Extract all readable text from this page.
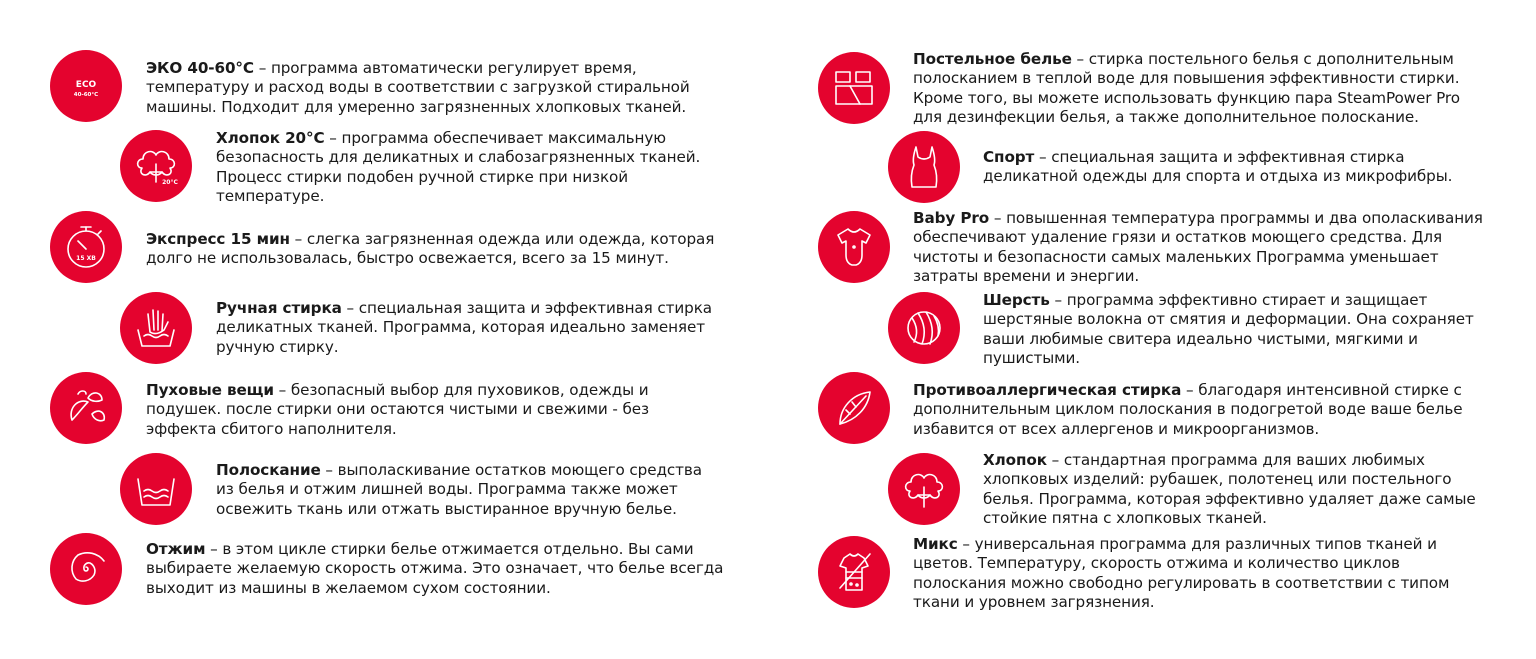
ECO
40-60°C
ЭКО 40-60°C – программа автоматически регулирует время, температуру и расход воды в соответствии с загрузкой стиральной машины. Подходит для умеренно загрязненных хлопковых тканей.
20°C
Хлопок 20°C – программа обеспечивает максимальную безопасность для деликатных и слабозагрязненных тканей. Процесс стирки подобен ручной стирке при низкой температуре.
15 ХВ
Экспресс 15 мин – слегка загрязненная одежда или одежда, которая долго не использовалась, быстро освежается, всего за 15 минут.
Ручная стирка – специальная защита и эффективная стирка деликатных тканей. Программа, которая идеально заменяет ручную стирку.
Пуховые вещи – безопасный выбор для пуховиков, одежды и подушек. после стирки они остаются чистыми и свежими - без эффекта сбитого наполнителя.
Полоскание – выполаскивание остатков моющего средства из белья и отжим лишней воды. Программа также может освежить ткань или отжать выстиранное вручную белье.
Отжим – в этом цикле стирки белье отжимается отдельно. Вы сами выбираете желаемую скорость отжима. Это означает, что белье всегда выходит из машины в желаемом сухом состоянии.
Постельное белье – стирка постельного белья с дополнительным полосканием в теплой воде для повышения эффективности стирки. Кроме того, вы можете использовать функцию пара SteamPower Pro для дезинфекции белья, а также дополнительное полоскание.
Спорт – специальная защита и эффективная стирка деликатной одежды для спорта и отдыха из микрофибры.
Baby Pro – повышенная температура программы и два ополаскивания обеспечивают удаление грязи и остатков моющего средства. Для чистоты и безопасности самых маленьких Программа уменьшает затраты времени и энергии.
Шерсть – программа эффективно стирает и защищает шерстяные волокна от смятия и деформации. Она сохраняет ваши любимые свитера идеально чистыми, мягкими и пушистыми.
Противоаллергическая стирка – благодаря интенсивной стирке с дополнительным циклом полоскания в подогретой воде ваше белье избавится от всех аллергенов и микроорганизмов.
Хлопок – стандартная программа для ваших любимых хлопковых изделий: рубашек, полотенец или постельного белья. Программа, которая эффективно удаляет даже самые стойкие пятна с хлопковых тканей.
Микс – универсальная программа для различных типов тканей и цветов. Температуру, скорость отжима и количество циклов полоскания можно свободно регулировать в соответствии с типом ткани и уровнем загрязнения.
